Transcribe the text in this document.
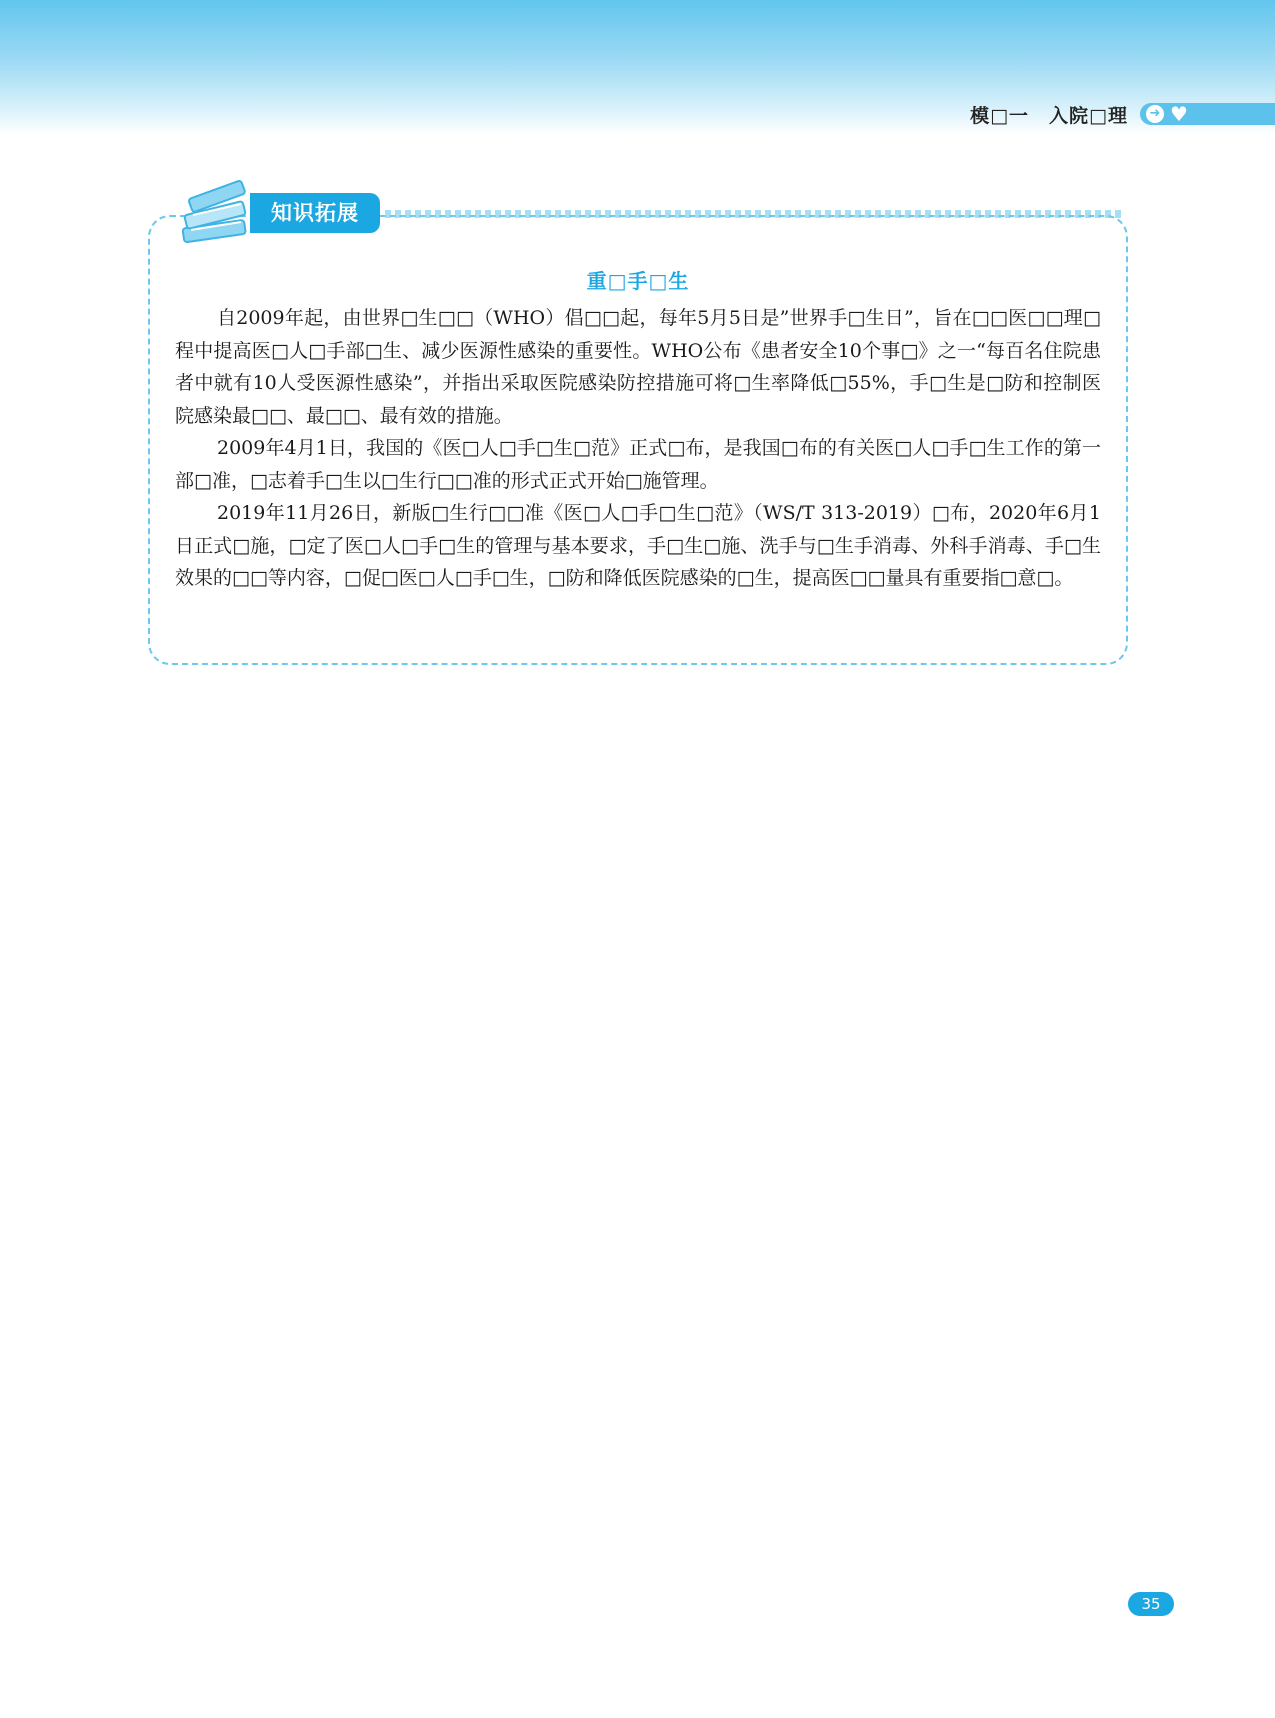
模□一 入院□理 ➜ ♥
知识拓展
重□手□生

自2009年起，由世界□生□□（WHO）倡□□起，每年5月5日是”世界手□生日”，旨在□□医□□理□程中提高医□人□手部□生、减少医源性感染的重要性。WHO公布《患者安全10个事□》之一“每百名住院患者中就有10人受医源性感染”，并指出采取医院感染防控措施可将□生率降低□55%，手□生是□防和控制医院感染最□□、最□□、最有效的措施。

2009年4月1日，我国的《医□人□手□生□范》正式□布，是我国□布的有关医□人□手□生工作的第一部□准，□志着手□生以□生行□□准的形式正式开始□施管理。

2019年11月26日，新版□生行□□准《医□人□手□生□范》（WS/T 313-2019）□布，2020年6月1日正式□施，□定了医□人□手□生的管理与基本要求，手□生□施、洗手与□生手消毒、外科手消毒、手□生效果的□□等内容，□促□医□人□手□生，□防和降低医院感染的□生，提高医□□量具有重要指□意□。

35
